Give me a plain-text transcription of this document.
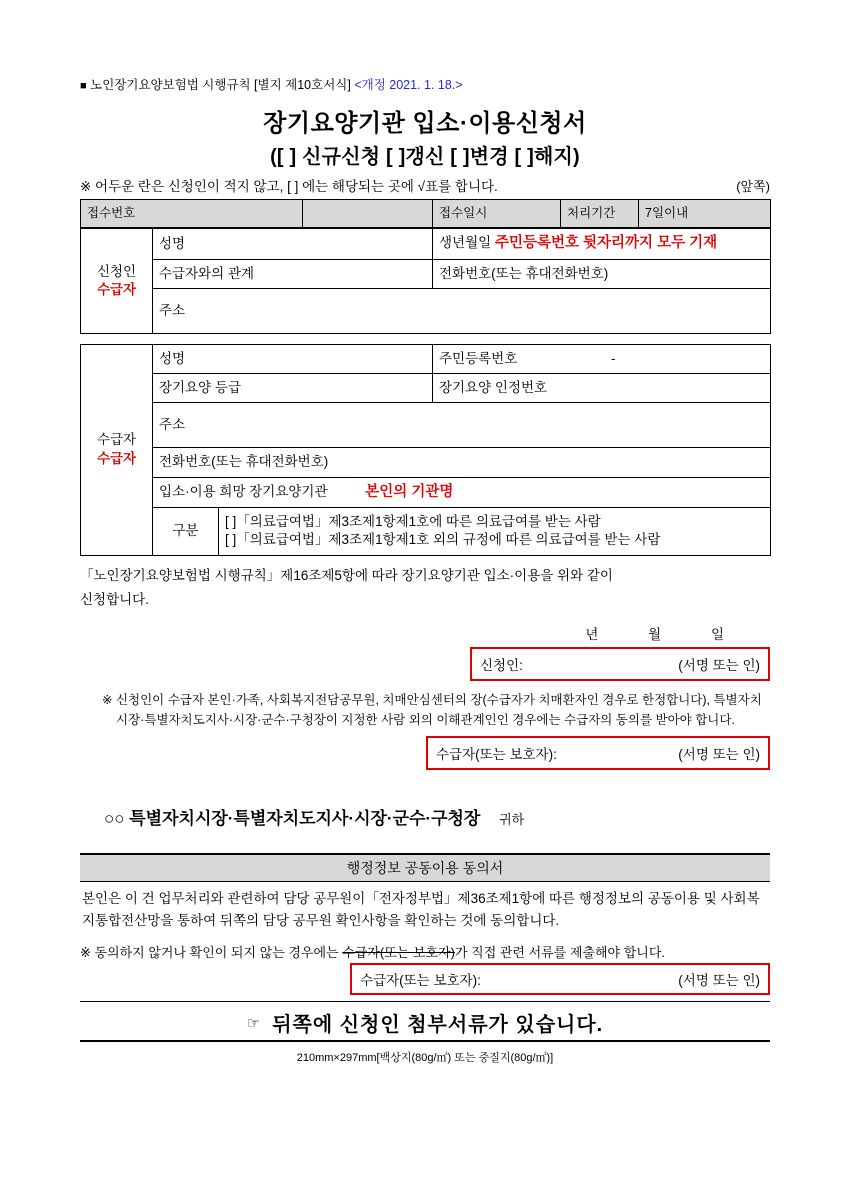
■ 노인장기요양보험법 시행규칙 [별지 제10호서식] <개정 2021. 1. 18.>
장기요양기관 입소·이용신청서
([ ] 신규신청 [ ]갱신 [ ]변경 [ ]해지)
※ 어두운 란은 신청인이 적지 않고, [ ] 에는 해당되는 곳에 √표를 합니다.	(앞쪽)
접수번호		접수일시	처리기간	7일이내
신청인
수급자	성명	생년월일 주민등록번호 뒷자리까지 모두 기재
	수급자와의 관계	전화번호(또는 휴대전화번호)
	주소	
수급자
수급자	성명		주민등록번호 -
	장기요양 등급		장기요양 인정번호
	주소		
	전화번호(또는 휴대전화번호)		
	입소·이용 희망 장기요양기관 본인의 기관명		
	구분	[ ]「의료급여법」제3조제1항제1호에 따른 의료급여를 받는 사람
[ ]「의료급여법」제3조제1항제1호 외의 규정에 따른 의료급여를 받는 사람	
「노인장기요양보험법 시행규칙」제16조제5항에 따라 장기요양기관 입소·이용을 위와 같이
신청합니다.
년	월	일
신청인:	(서명 또는 인)
※ 신청인이 수급자 본인·가족, 사회복지전담공무원, 치매안심센터의 장(수급자가 치매환자인 경우로 한정합니다), 특별자치시장·특별자치도지사·시장·군수·구청장이 지정한 사람 외의 이해관계인인 경우에는 수급자의 동의를 받아야 합니다.
수급자(또는 보호자):	(서명 또는 인)
○○ 특별자치시장·특별자치도지사·시장·군수·구청장 귀하
행정정보 공동이용 동의서
본인은 이 건 업무처리와 관련하여 담당 공무원이「전자정부법」제36조제1항에 따른 행정정보의 공동이용 및 사회복지통합전산망을 통하여 뒤쪽의 담당 공무원 확인사항을 확인하는 것에 동의합니다.
※ 동의하지 않거나 확인이 되지 않는 경우에는 수급자(또는 보호자)가 직접 관련 서류를 제출해야 합니다.
수급자(또는 보호자):	(서명 또는 인)
☞ 뒤쪽에 신청인 첨부서류가 있습니다.
210mm×297mm[백상지(80g/㎡) 또는 중질지(80g/㎡)]
